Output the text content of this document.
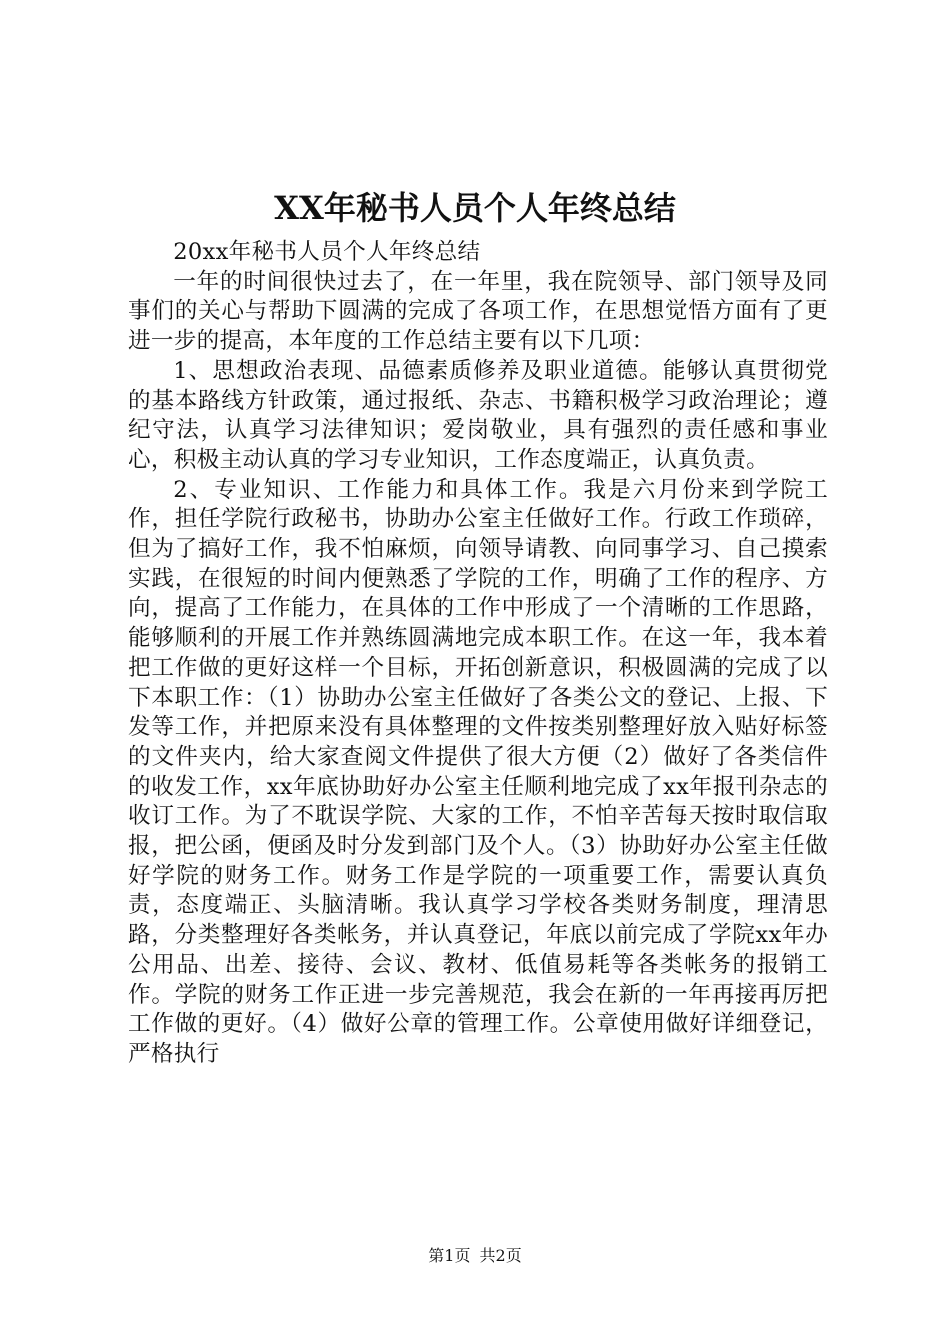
XX年秘书人员个人年终总结

20xx年秘书人员个人年终总结

一年的时间很快过去了，在一年里，我在院领导、部门领导及同事们的关心与帮助下圆满的完成了各项工作，在思想觉悟方面有了更进一步的提高，本年度的工作总结主要有以下几项：

1、思想政治表现、品德素质修养及职业道德。能够认真贯彻党的基本路线方针政策，通过报纸、杂志、书籍积极学习政治理论；遵纪守法，认真学习法律知识；爱岗敬业，具有强烈的责任感和事业心，积极主动认真的学习专业知识，工作态度端正，认真负责。

2、专业知识、工作能力和具体工作。我是六月份来到学院工作，担任学院行政秘书，协助办公室主任做好工作。行政工作琐碎，但为了搞好工作，我不怕麻烦，向领导请教、向同事学习、自己摸索实践，在很短的时间内便熟悉了学院的工作，明确了工作的程序、方向，提高了工作能力，在具体的工作中形成了一个清晰的工作思路，能够顺利的开展工作并熟练圆满地完成本职工作。在这一年，我本着把工作做的更好这样一个目标，开拓创新意识，积极圆满的完成了以下本职工作：（1）协助办公室主任做好了各类公文的登记、上报、下发等工作，并把原来没有具体整理的文件按类别整理好放入贴好标签的文件夹内，给大家查阅文件提供了很大方便（2）做好了各类信件的收发工作，xx年底协助好办公室主任顺利地完成了xx年报刊杂志的收订工作。为了不耽误学院、大家的工作，不怕辛苦每天按时取信取报，把公函，便函及时分发到部门及个人。（3）协助好办公室主任做好学院的财务工作。财务工作是学院的一项重要工作，需要认真负责，态度端正、头脑清晰。我认真学习学校各类财务制度，理清思路，分类整理好各类帐务，并认真登记，年底以前完成了学院xx年办公用品、出差、接待、会议、教材、低值易耗等各类帐务的报销工作。学院的财务工作正进一步完善规范，我会在新的一年再接再厉把工作做的更好。（4）做好公章的管理工作。公章使用做好详细登记，严格执行

第1页 共2页
